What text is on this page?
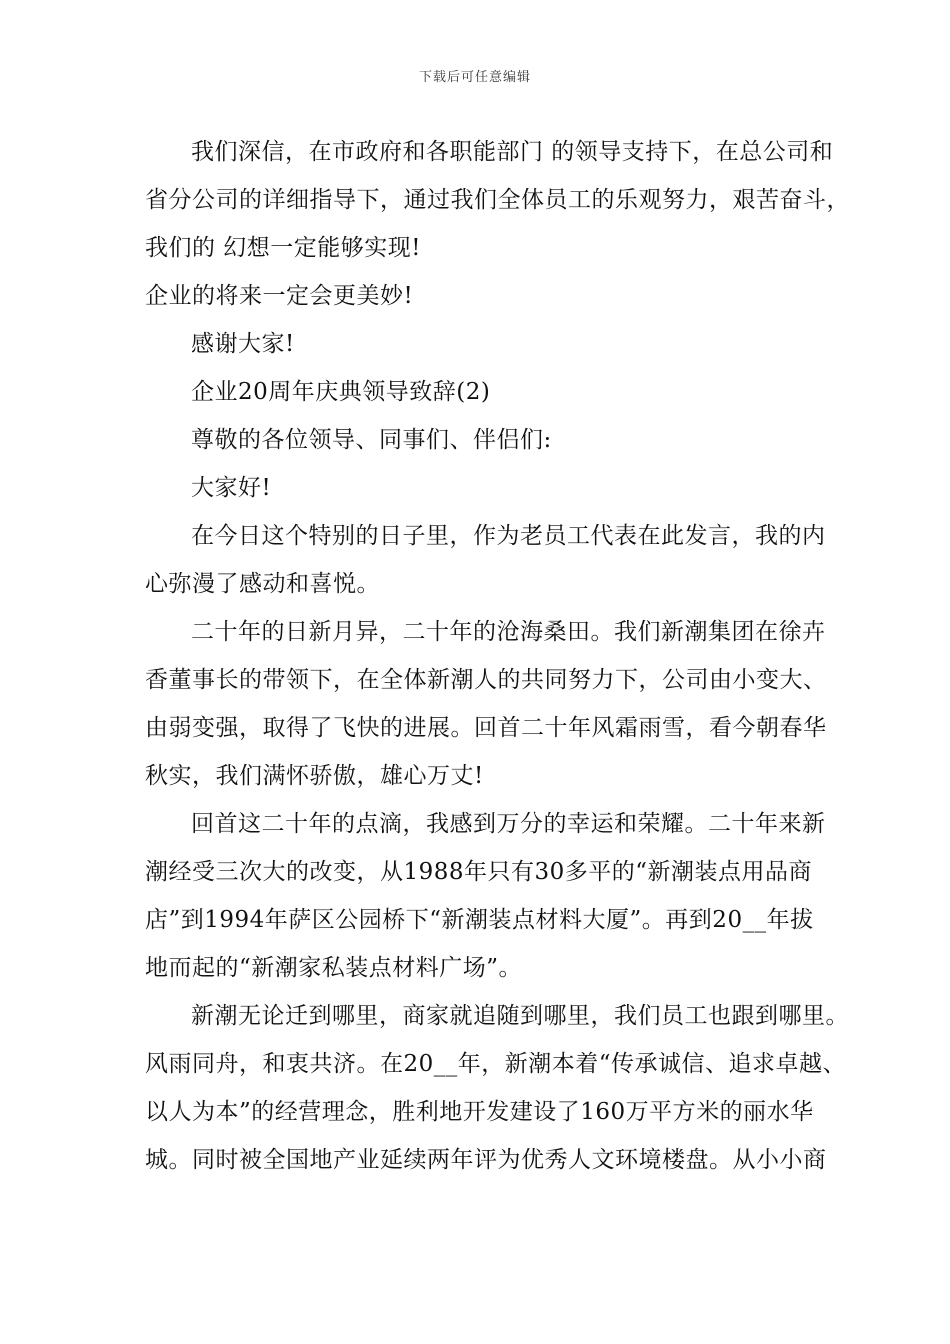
下载后可任意编辑
我们深信，在市政府和各职能部门 的领导支持下，在总公司和
省分公司的详细指导下，通过我们全体员工的乐观努力，艰苦奋斗，
我们的 幻想一定能够实现!
企业的将来一定会更美妙!
感谢大家!
企业20周年庆典领导致辞(2)
尊敬的各位领导、同事们、伴侣们:
大家好!
在今日这个特别的日子里，作为老员工代表在此发言，我的内
心弥漫了感动和喜悦。
二十年的日新月异，二十年的沧海桑田。我们新潮集团在徐卉
香董事长的带领下，在全体新潮人的共同努力下，公司由小变大、
由弱变强，取得了飞快的进展。回首二十年风霜雨雪，看今朝春华
秋实，我们满怀骄傲，雄心万丈!
回首这二十年的点滴，我感到万分的幸运和荣耀。二十年来新
潮经受三次大的改变，从1988年只有30多平的“新潮装点用品商
店”到1994年萨区公园桥下“新潮装点材料大厦”。再到20__年拔
地而起的“新潮家私装点材料广场”。
新潮无论迁到哪里，商家就追随到哪里，我们员工也跟到哪里。
风雨同舟，和衷共济。在20__年，新潮本着“传承诚信、追求卓越、
以人为本”的经营理念，胜利地开发建设了160万平方米的丽水华
城。同时被全国地产业延续两年评为优秀人文环境楼盘。从小小商
